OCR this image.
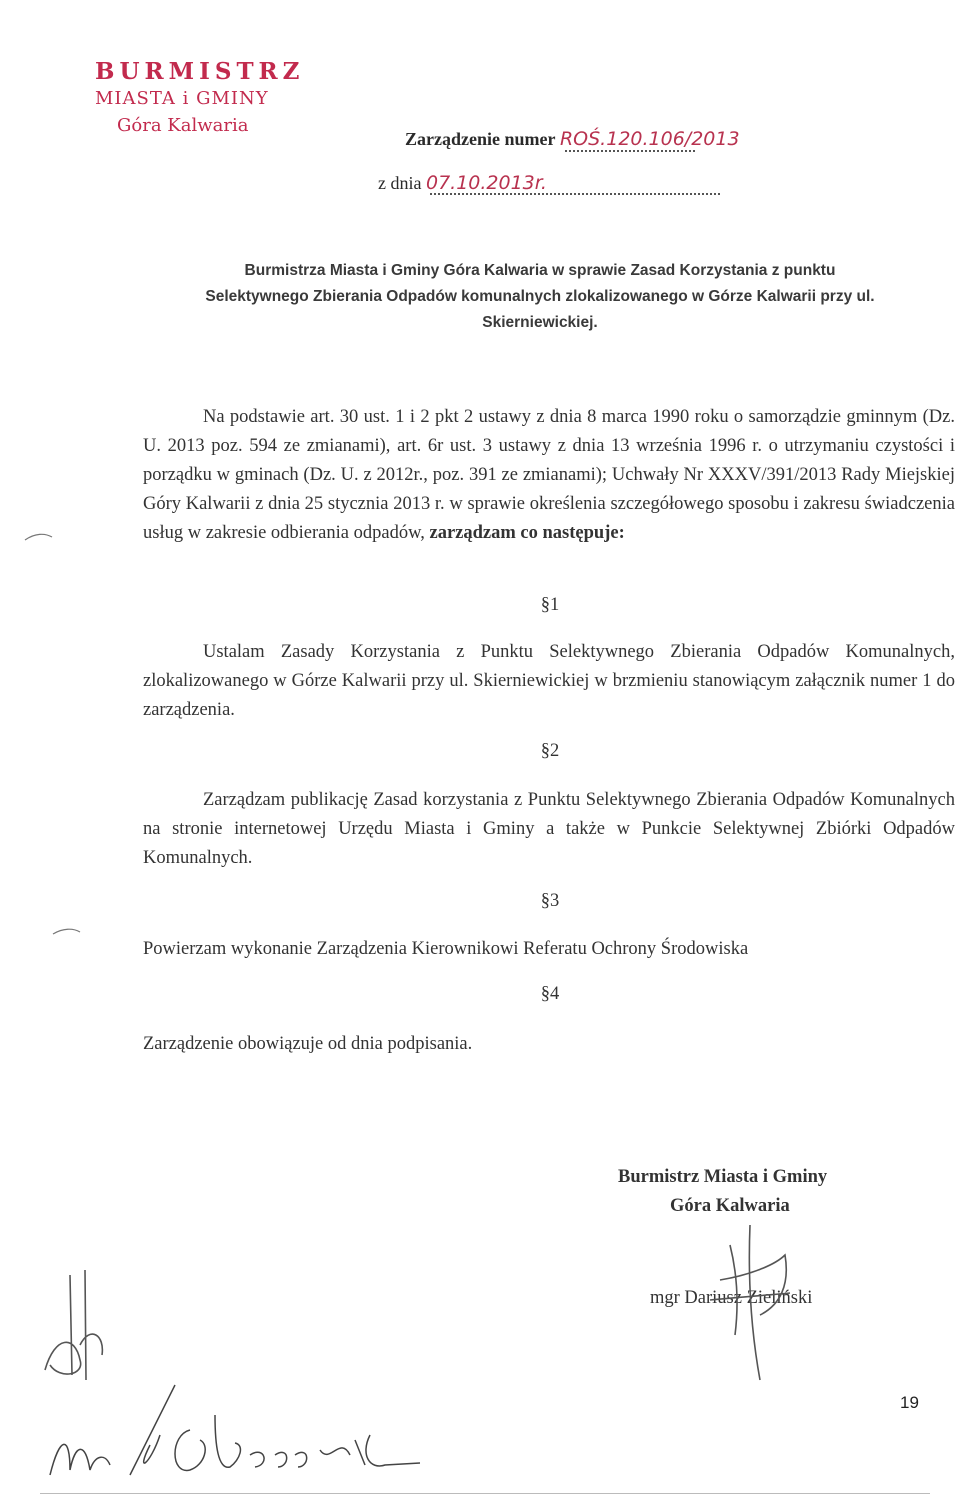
BURMISTRZ
MIASTA i GMINY
Góra Kalwaria
Zarządzenie numer ROŚ.120.106/2013
z dnia 07.10.2013r.
Burmistrza Miasta i Gminy Góra Kalwaria w sprawie Zasad Korzystania z punktu
Selektywnego Zbierania Odpadów komunalnych zlokalizowanego w Górze Kalwarii przy ul.
Skierniewickiej.
Na podstawie art. 30 ust. 1 i 2 pkt 2 ustawy z dnia 8 marca 1990 roku o samorządzie gminnym (Dz. U. 2013 poz. 594 ze zmianami), art. 6r ust. 3 ustawy z dnia 13 września 1996 r. o utrzymaniu czystości i porządku w gminach (Dz. U. z 2012r., poz. 391 ze zmianami); Uchwały Nr XXXV/391/2013 Rady Miejskiej Góry Kalwarii z dnia 25 stycznia 2013 r. w sprawie określenia szczegółowego sposobu i zakresu świadczenia usług w zakresie odbierania odpadów, zarządzam co następuje:
§1
Ustalam Zasady Korzystania z Punktu Selektywnego Zbierania Odpadów Komunalnych, zlokalizowanego w Górze Kalwarii przy ul. Skierniewickiej w brzmieniu stanowiącym załącznik numer 1 do zarządzenia.
§2
Zarządzam publikację Zasad korzystania z Punktu Selektywnego Zbierania Odpadów Komunalnych na stronie internetowej Urzędu Miasta i Gminy a także w Punkcie Selektywnej Zbiórki Odpadów Komunalnych.
§3
Powierzam wykonanie Zarządzenia Kierownikowi Referatu Ochrony Środowiska
§4
Zarządzenie obowiązuje od dnia podpisania.
Burmistrz Miasta i Gminy
Góra Kalwaria
mgr Dariusz Zieliński
19
